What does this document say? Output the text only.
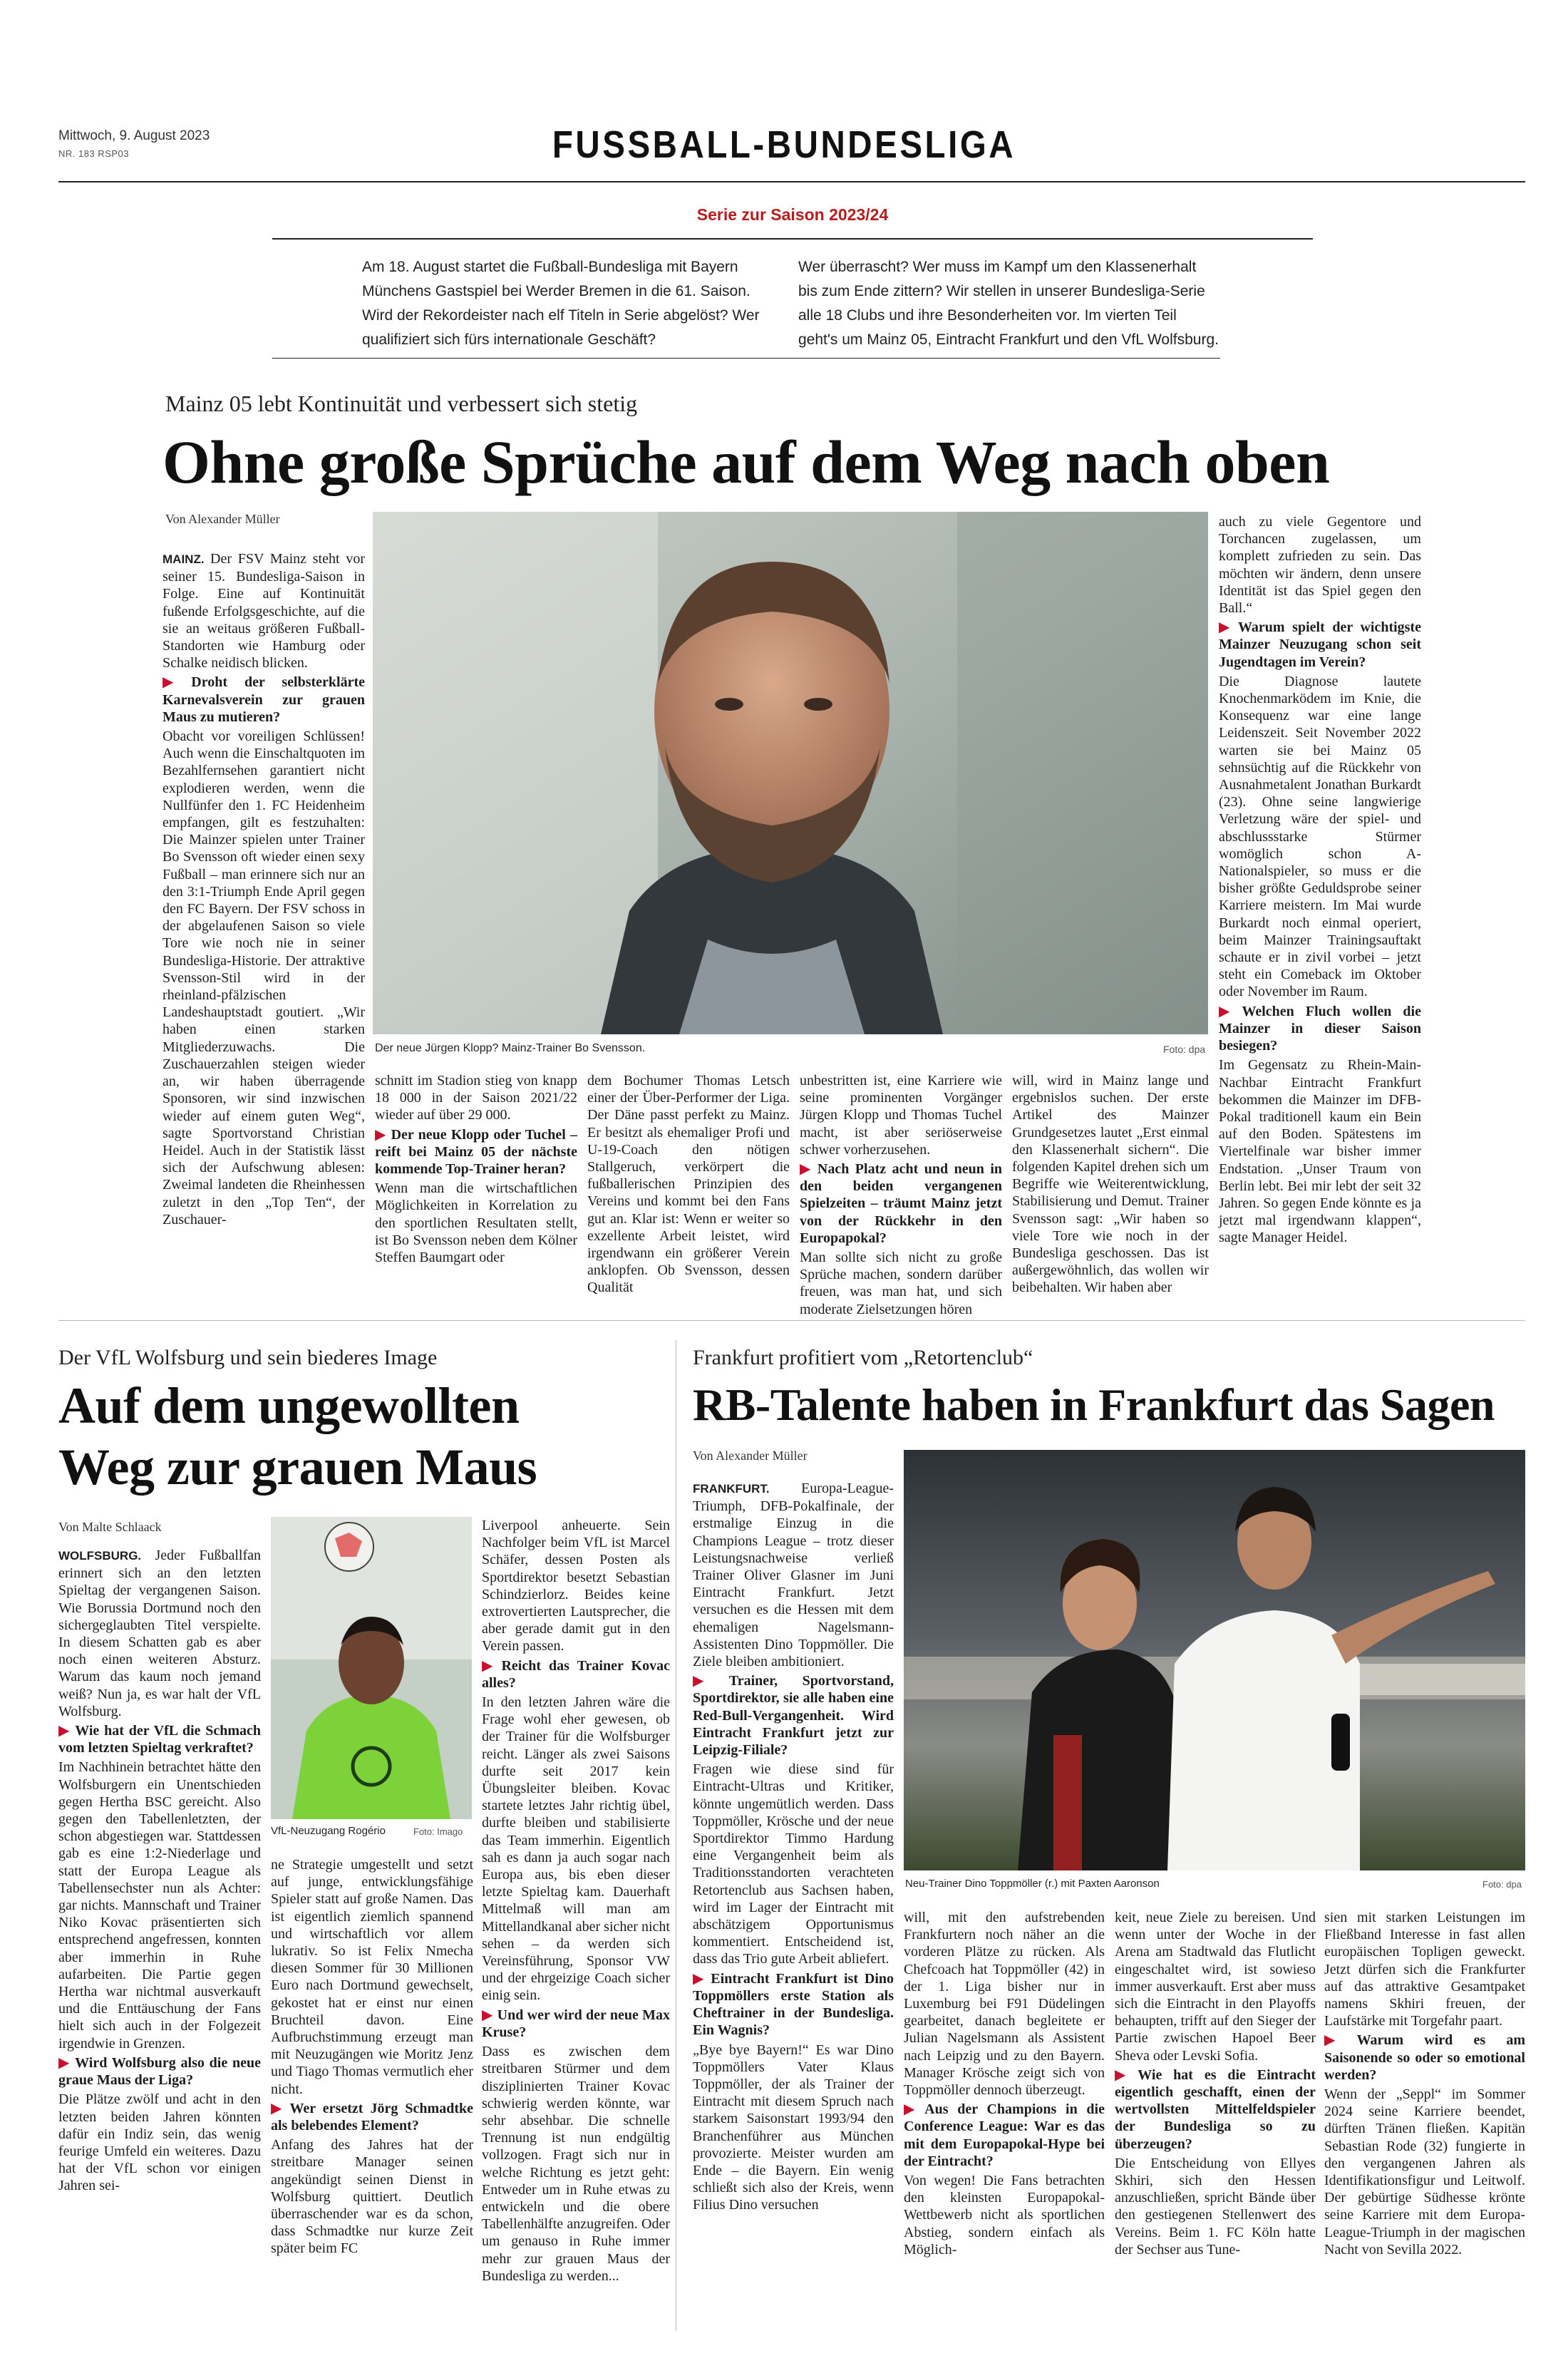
Mittwoch, 9. August 2023
NR. 183 RSP03	FUSSBALL-BUNDESLIGA
Serie zur Saison 2023/24
Am 18. August startet die Fußball-Bundesliga mit Bayern Münchens Gastspiel bei Werder Bremen in die 61. Saison. Wird der Rekordeister nach elf Titeln in Serie abgelöst? Wer qualifiziert sich fürs internationale Geschäft?
Wer überrascht? Wer muss im Kampf um den Klassenerhalt bis zum Ende zittern? Wir stellen in unserer Bundesliga-Serie alle 18 Clubs und ihre Besonderheiten vor. Im vierten Teil geht's um Mainz 05, Eintracht Frankfurt und den VfL Wolfsburg.
Mainz 05 lebt Kontinuität und verbessert sich stetig
Ohne große Sprüche auf dem Weg nach oben
Von Alexander Müller
Der neue Jürgen Klopp? Mainz-Trainer Bo Svensson.	Foto: dpa

MAINZ. Der FSV Mainz steht vor seiner 15. Bundesliga-Saison in Folge. Eine auf Kontinuität fußende Erfolgsgeschichte, auf die sie an weitaus größeren Fußball-Standorten wie Hamburg oder Schalke neidisch blicken.

▶ Droht der selbsterklärte Karnevalsverein zur grauen Maus zu mutieren?

Obacht vor voreiligen Schlüssen! Auch wenn die Einschaltquoten im Bezahlfernsehen garantiert nicht explodieren werden, wenn die Nullfünfer den 1. FC Heidenheim empfangen, gilt es festzuhalten: Die Mainzer spielen unter Trainer Bo Svensson oft wieder einen sexy Fußball – man erinnere sich nur an den 3:1-Triumph Ende April gegen den FC Bayern. Der FSV schoss in der abgelaufenen Saison so viele Tore wie noch nie in seiner Bundesliga-Historie. Der attraktive Svensson-Stil wird in der rheinland-pfälzischen Landeshauptstadt goutiert. „Wir haben einen starken Mitgliederzuwachs. Die Zuschauerzahlen steigen wieder an, wir haben überragende Sponsoren, wir sind inzwischen wieder auf einem guten Weg“, sagte Sportvorstand Christian Heidel. Auch in der Statistik lässt sich der Aufschwung ablesen: Zweimal landeten die Rheinhessen zuletzt in den „Top Ten“, der Zuschauer-

schnitt im Stadion stieg von knapp 18 000 in der Saison 2021/22 wieder auf über 29 000.

▶ Der neue Klopp oder Tuchel – reift bei Mainz 05 der nächste kommende Top-Trainer heran?

Wenn man die wirtschaftlichen Möglichkeiten in Korrelation zu den sportlichen Resultaten stellt, ist Bo Svensson neben dem Kölner Steffen Baumgart oder

dem Bochumer Thomas Letsch einer der Über-Performer der Liga. Der Däne passt perfekt zu Mainz. Er besitzt als ehemaliger Profi und U-19-Coach den nötigen Stallgeruch, verkörpert die fußballerischen Prinzipien des Vereins und kommt bei den Fans gut an. Klar ist: Wenn er weiter so exzellente Arbeit leistet, wird irgendwann ein größerer Verein anklopfen. Ob Svensson, dessen Qualität

unbestritten ist, eine Karriere wie seine prominenten Vorgänger Jürgen Klopp und Thomas Tuchel macht, ist aber seriöserweise schwer vorherzusehen.

▶ Nach Platz acht und neun in den beiden vergangenen Spielzeiten – träumt Mainz jetzt von der Rückkehr in den Europapokal?

Man sollte sich nicht zu große Sprüche machen, sondern darüber freuen, was man hat, und sich moderate Zielsetzungen hören

will, wird in Mainz lange und ergebnislos suchen. Der erste Artikel des Mainzer Grundgesetzes lautet „Erst einmal den Klassenerhalt sichern“. Die folgenden Kapitel drehen sich um Begriffe wie Weiterentwicklung, Stabilisierung und Demut. Trainer Svensson sagt: „Wir haben so viele Tore wie noch in der Bundesliga geschossen. Das ist außergewöhnlich, das wollen wir beibehalten. Wir haben aber

auch zu viele Gegentore und Torchancen zugelassen, um komplett zufrieden zu sein. Das möchten wir ändern, denn unsere Identität ist das Spiel gegen den Ball.“

▶ Warum spielt der wichtigste Mainzer Neuzugang schon seit Jugendtagen im Verein?

Die Diagnose lautete Knochenmarködem im Knie, die Konsequenz war eine lange Leidenszeit. Seit November 2022 warten sie bei Mainz 05 sehnsüchtig auf die Rückkehr von Ausnahmetalent Jonathan Burkardt (23). Ohne seine langwierige Verletzung wäre der spiel- und abschlussstarke Stürmer womöglich schon A-Nationalspieler, so muss er die bisher größte Geduldsprobe seiner Karriere meistern. Im Mai wurde Burkardt noch einmal operiert, beim Mainzer Trainingsauftakt schaute er in zivil vorbei – jetzt steht ein Comeback im Oktober oder November im Raum.

▶ Welchen Fluch wollen die Mainzer in dieser Saison besiegen?

Im Gegensatz zu Rhein-Main-Nachbar Eintracht Frankfurt bekommen die Mainzer im DFB-Pokal traditionell kaum ein Bein auf den Boden. Spätestens im Viertelfinale war bisher immer Endstation. „Unser Traum von Berlin lebt. Bei mir lebt der seit 32 Jahren. So gegen Ende könnte es ja jetzt mal irgendwann klappen“, sagte Manager Heidel.

Der VfL Wolfsburg und sein biederes Image
Auf dem ungewollten
Weg zur grauen Maus
Von Malte Schlaack
VfL-Neuzugang Rogério	Foto: Imago

WOLFSBURG. Jeder Fußballfan erinnert sich an den letzten Spieltag der vergangenen Saison. Wie Borussia Dortmund noch den sichergeglaubten Titel verspielte. In diesem Schatten gab es aber noch einen weiteren Absturz. Warum das kaum noch jemand weiß? Nun ja, es war halt der VfL Wolfsburg.

▶ Wie hat der VfL die Schmach vom letzten Spieltag verkraftet?

Im Nachhinein betrachtet hätte den Wolfsburgern ein Unentschieden gegen Hertha BSC gereicht. Also gegen den Tabellenletzten, der schon abgestiegen war. Stattdessen gab es eine 1:2-Niederlage und statt der Europa League als Tabellensechster nun als Achter: gar nichts. Mannschaft und Trainer Niko Kovac präsentierten sich entsprechend angefressen, konnten aber immerhin in Ruhe aufarbeiten. Die Partie gegen Hertha war nichtmal ausverkauft und die Enttäuschung der Fans hielt sich auch in der Folgezeit irgendwie in Grenzen.

▶ Wird Wolfsburg also die neue graue Maus der Liga?

Die Plätze zwölf und acht in den letzten beiden Jahren könnten dafür ein Indiz sein, das wenig feurige Umfeld ein weiteres. Dazu hat der VfL schon vor einigen Jahren sei-

ne Strategie umgestellt und setzt auf junge, entwicklungsfähige Spieler statt auf große Namen. Das ist eigentlich ziemlich spannend und wirtschaftlich vor allem lukrativ. So ist Felix Nmecha diesen Sommer für 30 Millionen Euro nach Dortmund gewechselt, gekostet hat er einst nur einen Bruchteil davon. Eine Aufbruchstimmung erzeugt man mit Neuzugängen wie Moritz Jenz und Tiago Thomas vermutlich eher nicht.

▶ Wer ersetzt Jörg Schmadtke als belebendes Element?

Anfang des Jahres hat der streitbare Manager seinen angekündigt seinen Dienst in Wolfsburg quittiert. Deutlich überraschender war es da schon, dass Schmadtke nur kurze Zeit später beim FC

Liverpool anheuerte. Sein Nachfolger beim VfL ist Marcel Schäfer, dessen Posten als Sportdirektor besetzt Sebastian Schindzierlorz. Beides keine extrovertierten Lautsprecher, die aber gerade damit gut in den Verein passen.

▶ Reicht das Trainer Kovac alles?

In den letzten Jahren wäre die Frage wohl eher gewesen, ob der Trainer für die Wolfsburger reicht. Länger als zwei Saisons durfte seit 2017 kein Übungsleiter bleiben. Kovac startete letztes Jahr richtig übel, durfte bleiben und stabilisierte das Team immerhin. Eigentlich sah es dann ja auch sogar nach Europa aus, bis eben dieser letzte Spieltag kam. Dauerhaft Mittelmaß will man am Mittellandkanal aber sicher nicht sehen – da werden sich Vereinsführung, Sponsor VW und der ehrgeizige Coach sicher einig sein.

▶ Und wer wird der neue Max Kruse?

Dass es zwischen dem streitbaren Stürmer und dem disziplinierten Trainer Kovac schwierig werden könnte, war sehr absehbar. Die schnelle Trennung ist nun endgültig vollzogen. Fragt sich nur in welche Richtung es jetzt geht: Entweder um in Ruhe etwas zu entwickeln und die obere Tabellenhälfte anzugreifen. Oder um genauso in Ruhe immer mehr zur grauen Maus der Bundesliga zu werden...

Frankfurt profitiert vom „Retortenclub“
RB-Talente haben in Frankfurt das Sagen
Von Alexander Müller
Neu-Trainer Dino Toppmöller (r.) mit Paxten Aaronson	Foto: dpa

FRANKFURT. Europa-League-Triumph, DFB-Pokalfinale, der erstmalige Einzug in die Champions League – trotz dieser Leistungsnachweise verließ Trainer Oliver Glasner im Juni Eintracht Frankfurt. Jetzt versuchen es die Hessen mit dem ehemaligen Nagelsmann-Assistenten Dino Toppmöller. Die Ziele bleiben ambitioniert.

▶ Trainer, Sportvorstand, Sportdirektor, sie alle haben eine Red-Bull-Vergangenheit. Wird Eintracht Frankfurt jetzt zur Leipzig-Filiale?

Fragen wie diese sind für Eintracht-Ultras und Kritiker, könnte ungemütlich werden. Dass Toppmöller, Krösche und der neue Sportdirektor Timmo Hardung eine Vergangenheit beim als Traditionsstandorten verachteten Retortenclub aus Sachsen haben, wird im Lager der Eintracht mit abschätzigem Opportunismus kommentiert. Entscheidend ist, dass das Trio gute Arbeit abliefert.

▶ Eintracht Frankfurt ist Dino Toppmöllers erste Station als Cheftrainer in der Bundesliga. Ein Wagnis?

„Bye bye Bayern!“ Es war Dino Toppmöllers Vater Klaus Toppmöller, der als Trainer der Eintracht mit diesem Spruch nach starkem Saisonstart 1993/94 den Branchenführer aus München provozierte. Meister wurden am Ende – die Bayern. Ein wenig schließt sich also der Kreis, wenn Filius Dino versuchen

will, mit den aufstrebenden Frankfurtern noch näher an die vorderen Plätze zu rücken. Als Chefcoach hat Toppmöller (42) in der 1. Liga bisher nur in Luxemburg bei F91 Düdelingen gearbeitet, danach begleitete er Julian Nagelsmann als Assistent nach Leipzig und zu den Bayern. Manager Krösche zeigt sich von Toppmöller dennoch überzeugt.

▶ Aus der Champions in die Conference League: War es das mit dem Europapokal-Hype bei der Eintracht?

Von wegen! Die Fans betrachten den kleinsten Europapokal-Wettbewerb nicht als sportlichen Abstieg, sondern einfach als Möglich-

keit, neue Ziele zu bereisen. Und wenn unter der Woche in der Arena am Stadtwald das Flutlicht eingeschaltet wird, ist sowieso immer ausverkauft. Erst aber muss sich die Eintracht in den Playoffs behaupten, trifft auf den Sieger der Partie zwischen Hapoel Beer Sheva oder Levski Sofia.

▶ Wie hat es die Eintracht eigentlich geschafft, einen der wertvollsten Mittelfeldspieler der Bundesliga so zu überzeugen?

Die Entscheidung von Ellyes Skhiri, sich den Hessen anzuschließen, spricht Bände über den gestiegenen Stellenwert des Vereins. Beim 1. FC Köln hatte der Sechser aus Tune-

sien mit starken Leistungen im Fließband Interesse in fast allen europäischen Topligen geweckt. Jetzt dürfen sich die Frankfurter auf das attraktive Gesamtpaket namens Skhiri freuen, der Laufstärke mit Torgefahr paart.

▶ Warum wird es am Saisonende so oder so emotional werden?

Wenn der „Seppl“ im Sommer 2024 seine Karriere beendet, dürften Tränen fließen. Kapitän Sebastian Rode (32) fungierte in den vergangenen Jahren als Identifikationsfigur und Leitwolf. Der gebürtige Südhesse krönte seine Karriere mit dem Europa-League-Triumph in der magischen Nacht von Sevilla 2022.
